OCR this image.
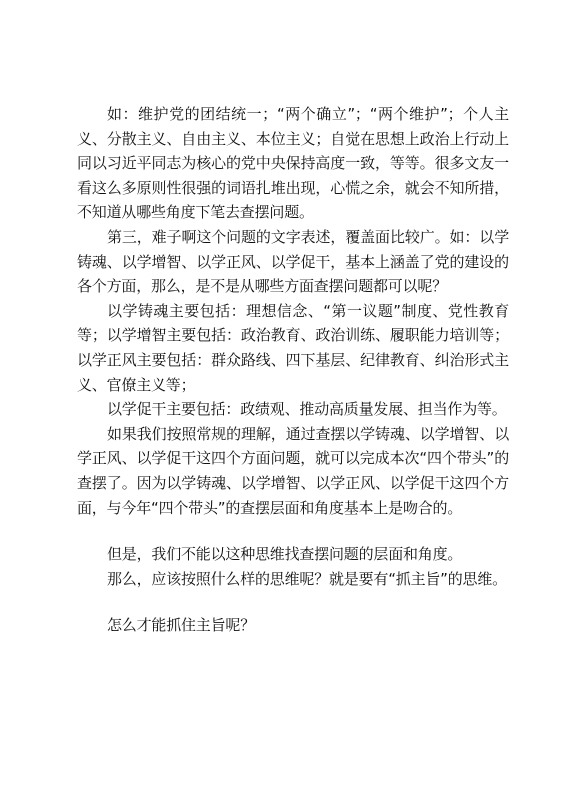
如：维护党的团结统一；“两个确立”；“两个维护”；个人主义、分散主义、自由主义、本位主义；自觉在思想上政治上行动上同以习近平同志为核心的党中央保持高度一致，等等。很多文友一看这么多原则性很强的词语扎堆出现，心慌之余，就会不知所措，不知道从哪些角度下笔去查摆问题。

第三，难子啊这个问题的文字表述，覆盖面比较广。如：以学铸魂、以学增智、以学正风、以学促干，基本上涵盖了党的建设的各个方面，那么，是不是从哪些方面查摆问题都可以呢？

以学铸魂主要包括：理想信念、“第一议题”制度、党性教育等；以学增智主要包括：政治教育、政治训练、履职能力培训等；以学正风主要包括：群众路线、四下基层、纪律教育、纠治形式主义、官僚主义等；

以学促干主要包括：政绩观、推动高质量发展、担当作为等。

如果我们按照常规的理解，通过查摆以学铸魂、以学增智、以学正风、以学促干这四个方面问题，就可以完成本次“四个带头”的查摆了。因为以学铸魂、以学增智、以学正风、以学促干这四个方面，与今年“四个带头”的查摆层面和角度基本上是吻合的。

但是，我们不能以这种思维找查摆问题的层面和角度。

那么，应该按照什么样的思维呢？就是要有“抓主旨”的思维。

怎么才能抓住主旨呢？
